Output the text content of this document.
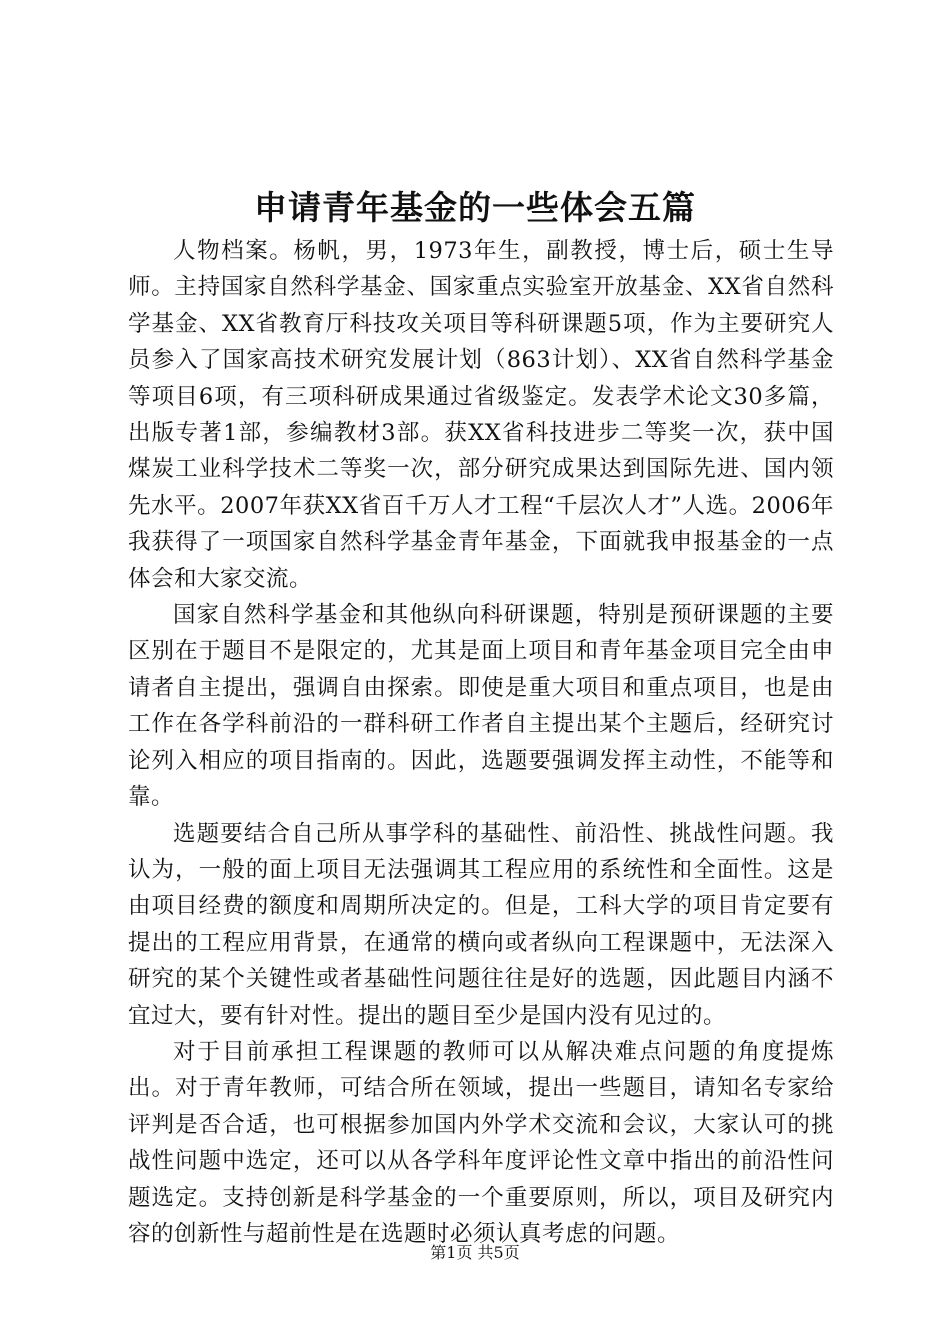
申请青年基金的一些体会五篇

人物档案。杨帆，男，1973年生，副教授，博士后，硕士生导师。主持国家自然科学基金、国家重点实验室开放基金、XX省自然科学基金、XX省教育厅科技攻关项目等科研课题5项，作为主要研究人员参入了国家高技术研究发展计划（863计划）、XX省自然科学基金等项目6项，有三项科研成果通过省级鉴定。发表学术论文30多篇，出版专著1部，参编教材3部。获XX省科技进步二等奖一次，获中国煤炭工业科学技术二等奖一次，部分研究成果达到国际先进、国内领先水平。2007年获XX省百千万人才工程“千层次人才”人选。2006年我获得了一项国家自然科学基金青年基金，下面就我申报基金的一点体会和大家交流。

国家自然科学基金和其他纵向科研课题，特别是预研课题的主要区别在于题目不是限定的，尤其是面上项目和青年基金项目完全由申请者自主提出，强调自由探索。即使是重大项目和重点项目，也是由工作在各学科前沿的一群科研工作者自主提出某个主题后，经研究讨论列入相应的项目指南的。因此，选题要强调发挥主动性，不能等和靠。

选题要结合自己所从事学科的基础性、前沿性、挑战性问题。我认为，一般的面上项目无法强调其工程应用的系统性和全面性。这是由项目经费的额度和周期所决定的。但是，工科大学的项目肯定要有提出的工程应用背景，在通常的横向或者纵向工程课题中，无法深入研究的某个关键性或者基础性问题往往是好的选题，因此题目内涵不宜过大，要有针对性。提出的题目至少是国内没有见过的。

对于目前承担工程课题的教师可以从解决难点问题的角度提炼出。对于青年教师，可结合所在领域，提出一些题目，请知名专家给评判是否合适，也可根据参加国内外学术交流和会议，大家认可的挑战性问题中选定，还可以从各学科年度评论性文章中指出的前沿性问题选定。支持创新是科学基金的一个重要原则，所以，项目及研究内容的创新性与超前性是在选题时必须认真考虑的问题。

第1页 共5页
